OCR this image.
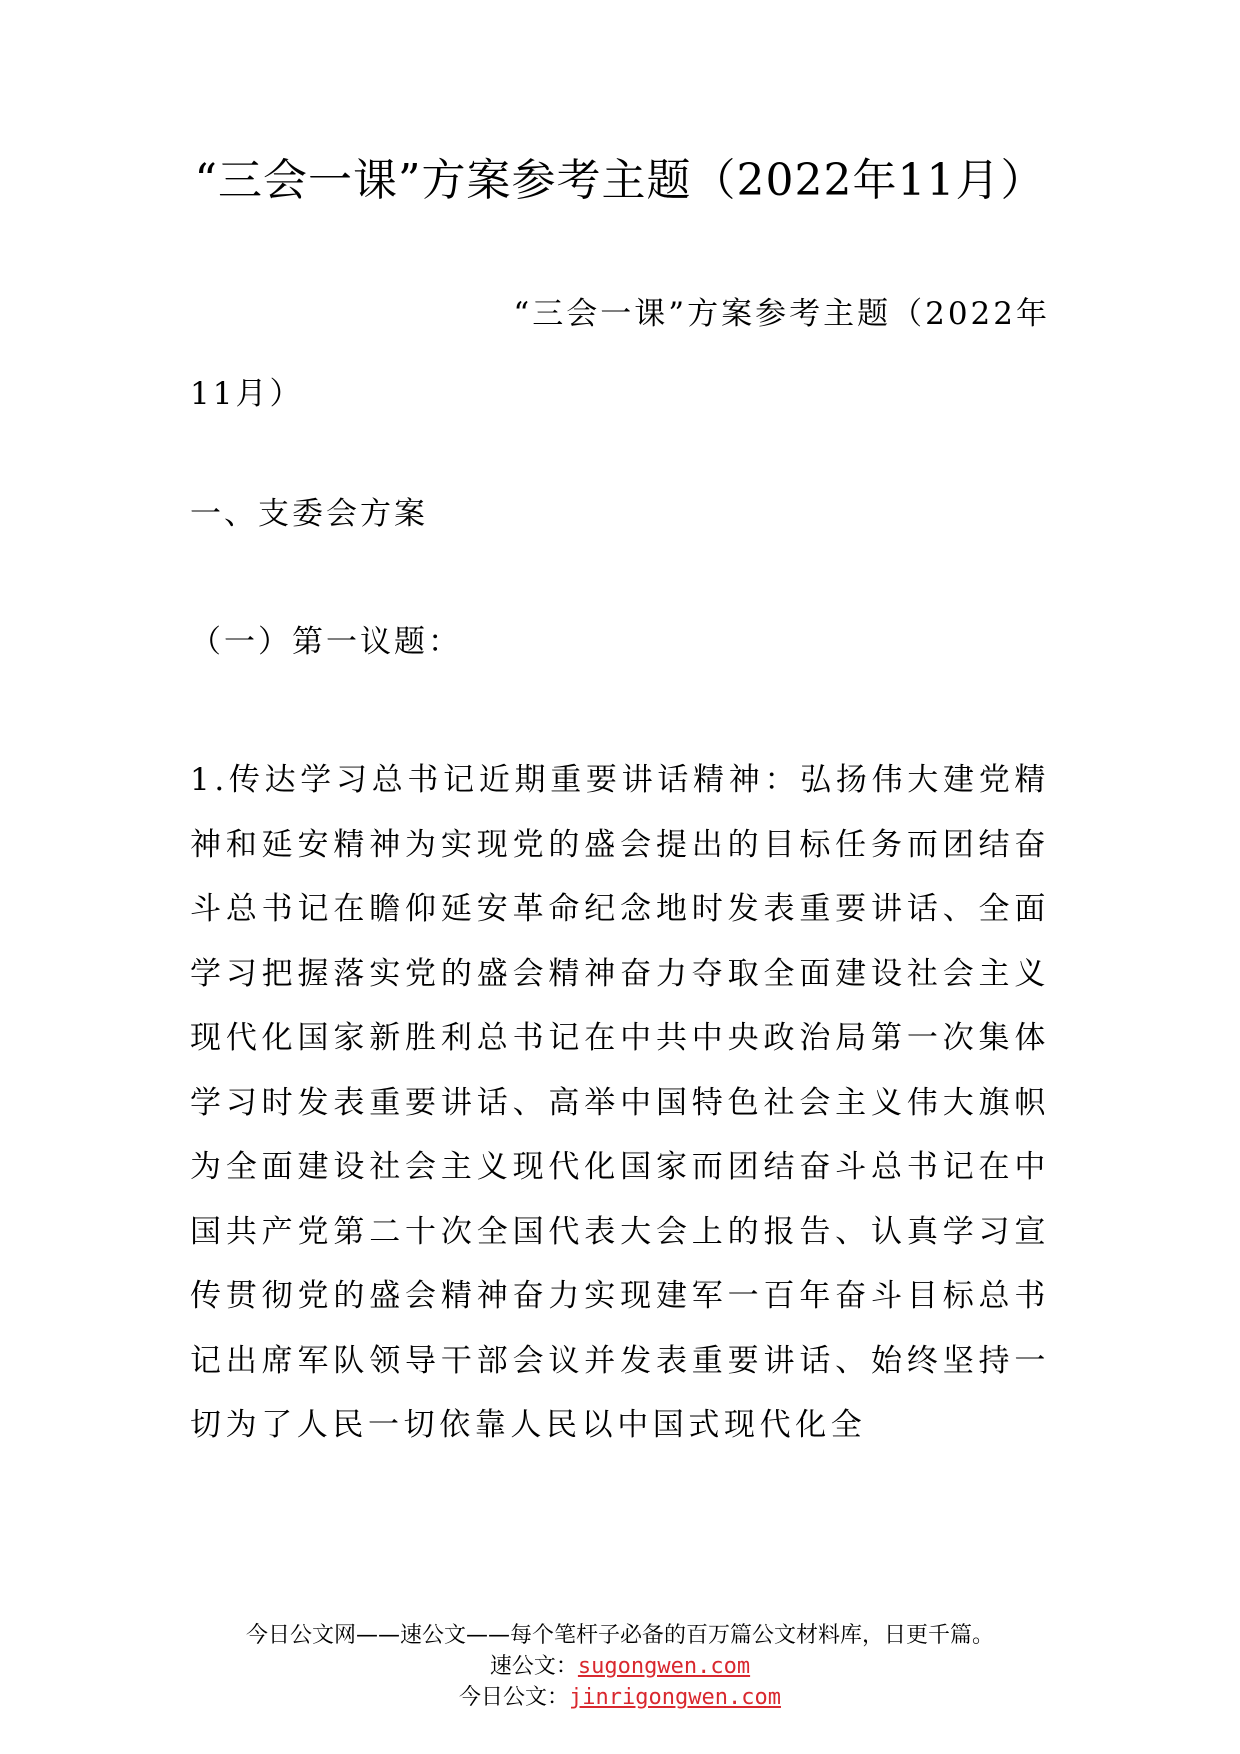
“三会一课”方案参考主题（2022年11月）
“三会一课”方案参考主题（2022年
11月）

一、支委会方案

（一）第一议题：

1.传达学习总书记近期重要讲话精神：弘扬伟大建党精神和延安精神为实现党的盛会提出的目标任务而团结奋斗总书记在瞻仰延安革命纪念地时发表重要讲话、全面学习把握落实党的盛会精神奋力夺取全面建设社会主义现代化国家新胜利总书记在中共中央政治局第一次集体学习时发表重要讲话、高举中国特色社会主义伟大旗帜为全面建设社会主义现代化国家而团结奋斗总书记在中国共产党第二十次全国代表大会上的报告、认真学习宣传贯彻党的盛会精神奋力实现建军一百年奋斗目标总书记出席军队领导干部会议并发表重要讲话、始终坚持一切为了人民一切依靠人民以中国式现代化全

今日公文网——速公文——每个笔杆子必备的百万篇公文材料库，日更千篇。
速公文：sugongwen.com
今日公文：jinrigongwen.com
